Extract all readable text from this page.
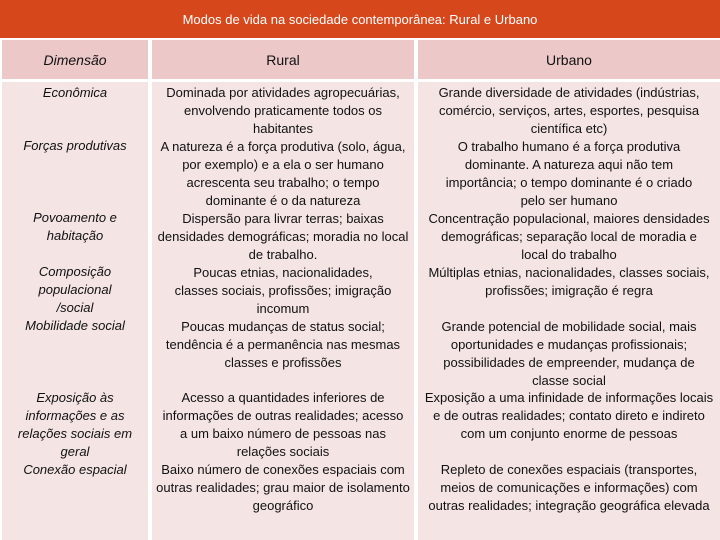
Modos de vida na sociedade contemporânea: Rural e Urbano
Dimensão	Rural	Urbano

Econômica

Forças produtivas

Povoamento e habitação

Composição populacional /social

Mobilidade social

Exposição às informações e as relações sociais em geral

Conexão espacial

Dominada por atividades agropecuárias, envolvendo praticamente todos os habitantes

A natureza é a força produtiva (solo, água, por exemplo) e a ela o ser humano acrescenta seu trabalho; o tempo dominante é o da natureza

Dispersão para livrar terras; baixas densidades demográficas; moradia no local de trabalho.

Poucas etnias, nacionalidades, classes sociais, profissões; imigração incomum

Poucas mudanças de status social; tendência é a permanência nas mesmas classes e profissões

Acesso a quantidades inferiores de informações de outras realidades; acesso a um baixo número de pessoas nas relações sociais

Baixo número de conexões espaciais com outras realidades; grau maior de isolamento geográfico

Grande diversidade de atividades (indústrias, comércio, serviços, artes, esportes, pesquisa científica etc)

O trabalho humano é a força produtiva dominante. A natureza aqui não tem importância; o tempo dominante é o criado pelo ser humano

Concentração populacional, maiores densidades demográficas; separação local de moradia e local do trabalho

Múltiplas etnias, nacionalidades, classes sociais, profissões; imigração é regra

Grande potencial de mobilidade social, mais oportunidades e mudanças profissionais; possibilidades de empreender, mudança de classe social

Exposição a uma infinidade de informações locais e de outras realidades; contato direto e indireto com um conjunto enorme de pessoas

Repleto de conexões espaciais (transportes, meios de comunicações e informações) com outras realidades; integração geográfica elevada
